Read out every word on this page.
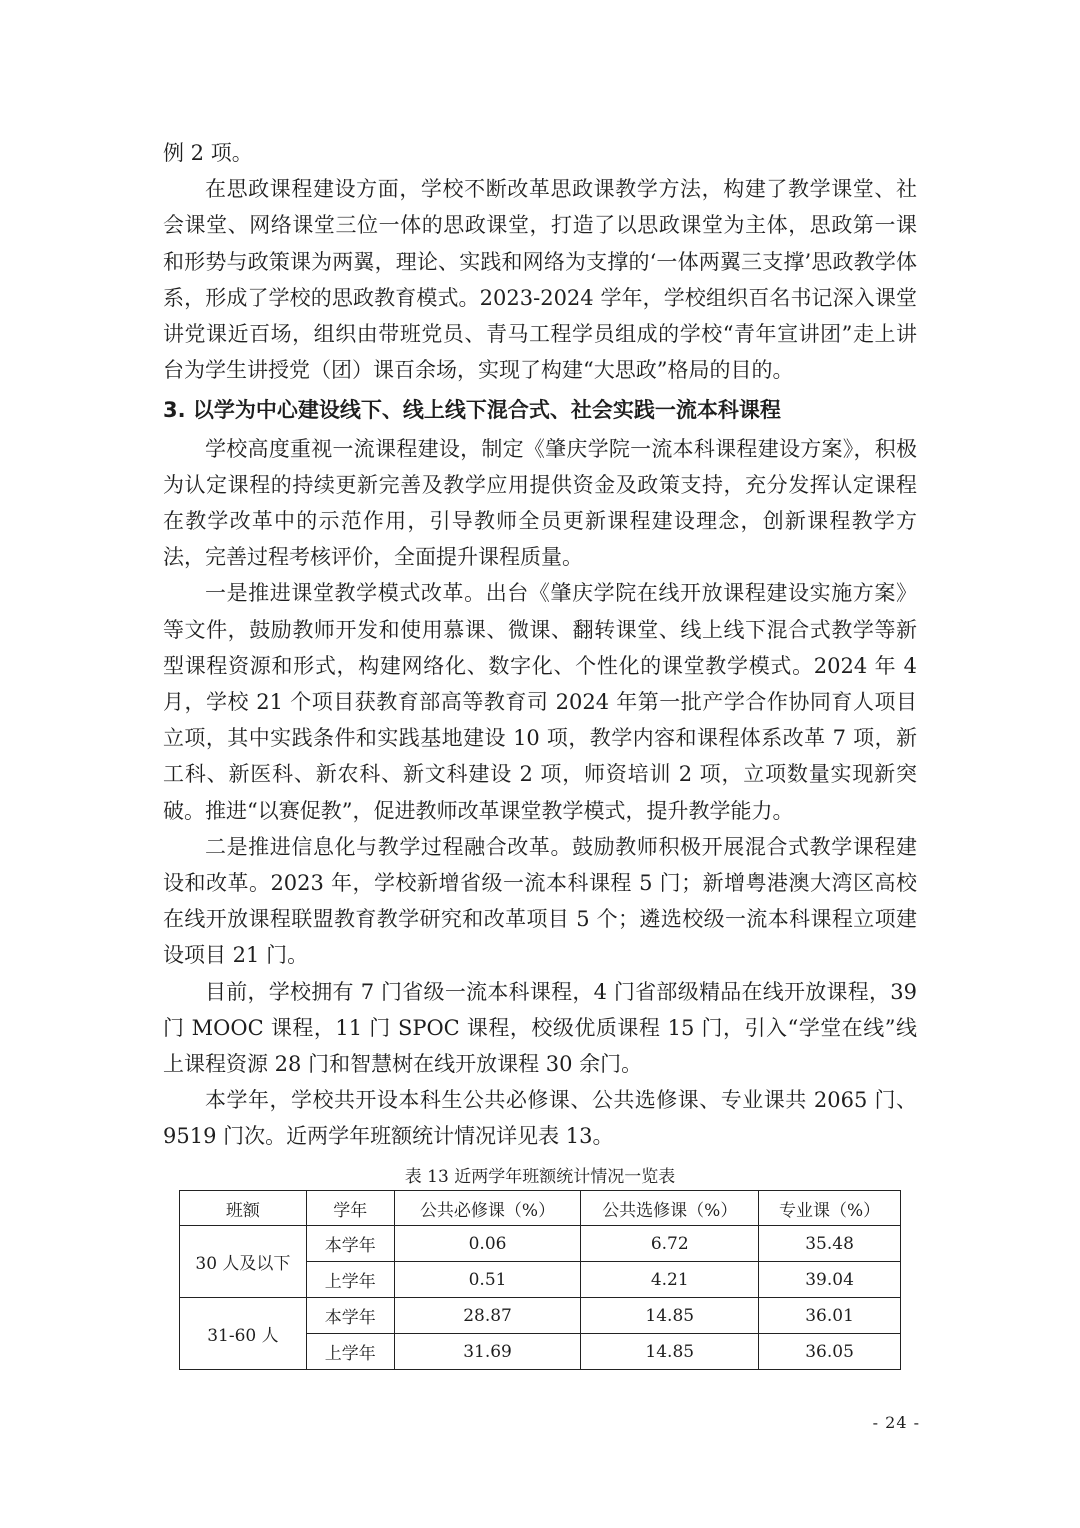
例 2 项。

在思政课程建设方面，学校不断改革思政课教学方法，构建了教学课堂、社会课堂、网络课堂三位一体的思政课堂，打造了以思政课堂为主体，思政第一课和形势与政策课为两翼，理论、实践和网络为支撑的‘一体两翼三支撑’思政教学体系，形成了学校的思政教育模式。2023-2024 学年，学校组织百名书记深入课堂讲党课近百场，组织由带班党员、青马工程学员组成的学校“青年宣讲团”走上讲台为学生讲授党（团）课百余场，实现了构建“大思政”格局的目的。

3. 以学为中心建设线下、线上线下混合式、社会实践一流本科课程

学校高度重视一流课程建设，制定《肇庆学院一流本科课程建设方案》，积极为认定课程的持续更新完善及教学应用提供资金及政策支持，充分发挥认定课程在教学改革中的示范作用，引导教师全员更新课程建设理念，创新课程教学方法，完善过程考核评价，全面提升课程质量。

一是推进课堂教学模式改革。出台《肇庆学院在线开放课程建设实施方案》等文件，鼓励教师开发和使用慕课、微课、翻转课堂、线上线下混合式教学等新型课程资源和形式，构建网络化、数字化、个性化的课堂教学模式。2024 年 4 月，学校 21 个项目获教育部高等教育司 2024 年第一批产学合作协同育人项目立项，其中实践条件和实践基地建设 10 项，教学内容和课程体系改革 7 项，新工科、新医科、新农科、新文科建设 2 项，师资培训 2 项，立项数量实现新突破。推进“以赛促教”，促进教师改革课堂教学模式，提升教学能力。

二是推进信息化与教学过程融合改革。鼓励教师积极开展混合式教学课程建设和改革。2023 年，学校新增省级一流本科课程 5 门；新增粤港澳大湾区高校在线开放课程联盟教育教学研究和改革项目 5 个；遴选校级一流本科课程立项建设项目 21 门。

目前，学校拥有 7 门省级一流本科课程，4 门省部级精品在线开放课程，39 门 MOOC 课程，11 门 SPOC 课程，校级优质课程 15 门，引入“学堂在线”线上课程资源 28 门和智慧树在线开放课程 30 余门。

本学年，学校共开设本科生公共必修课、公共选修课、专业课共 2065 门、9519 门次。近两学年班额统计情况详见表 13。

表 13 近两学年班额统计情况一览表
班额	学年	公共必修课（%）	公共选修课（%）	专业课（%）
30 人及以下	本学年	0.06	6.72	35.48
	上学年	0.51	4.21	39.04
31-60 人	本学年	28.87	14.85	36.01
	上学年	31.69	14.85	36.05
- 24 -
